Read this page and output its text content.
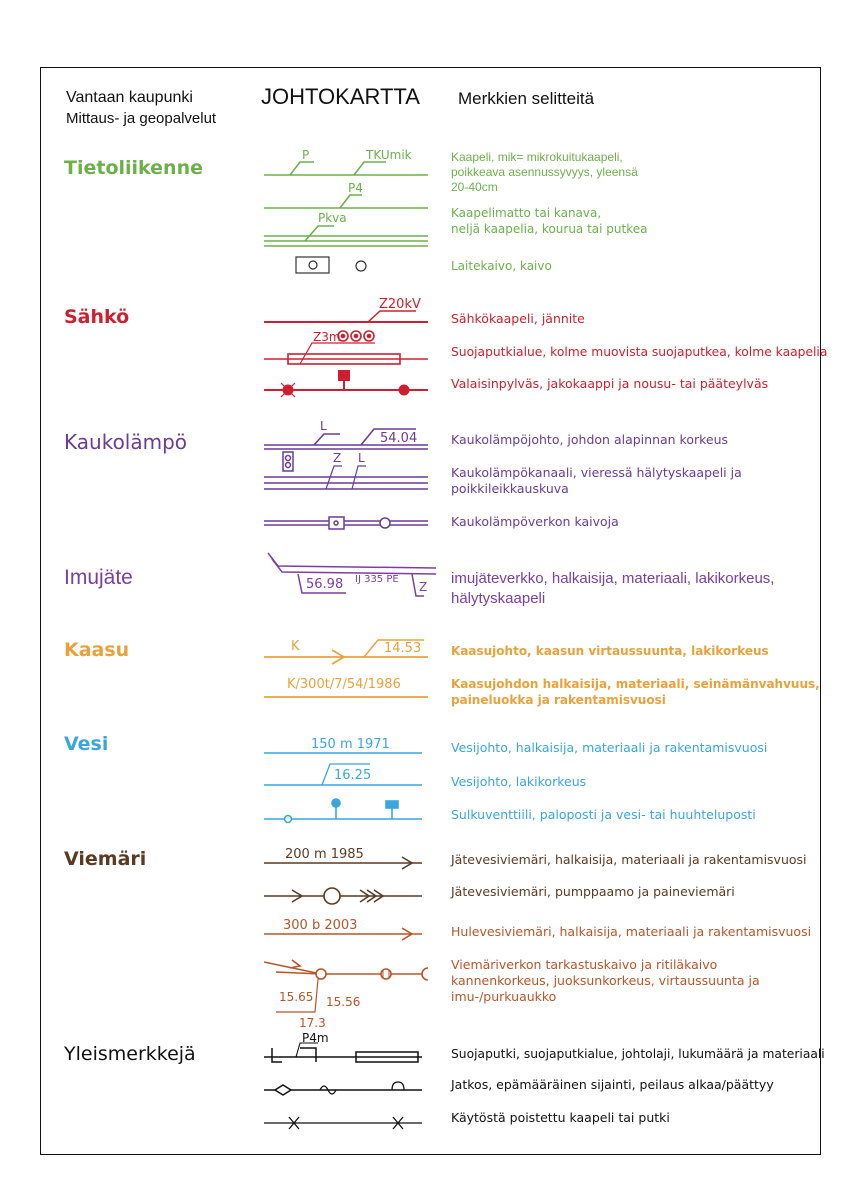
Vantaan kaupunki
Mittaus- ja geopalvelut
JOHTOKARTTA Merkkien selitteitä
Tietoliikenne
Sähkö
Kaukolämpö
Imujäte
Kaasu
Vesi
Viemäri
Yleismerkkejä
Kaapeli, mik= mikrokuitukaapeli,
poikkeava asennussyvyys, yleensä
20-40cm
Kaapelimatto tai kanava,
neljä kaapelia, kourua tai putkea
Laitekaivo, kaivo
Sähkökaapeli, jännite
Suojaputkialue, kolme muovista suojaputkea, kolme kaapelia
Valaisinpylväs, jakokaappi ja nousu- tai pääteylväs
Kaukolämpöjohto, johdon alapinnan korkeus
Kaukolämpökanaali, vieressä hälytyskaapeli ja
poikkileikkauskuva
Kaukolämpöverkon kaivoja
imujäteverkko, halkaisija, materiaali, lakikorkeus,
hälytyskaapeli
Kaasujohto, kaasun virtaussuunta, lakikorkeus
Kaasujohdon halkaisija, materiaali, seinämänvahvuus,
paineluokka ja rakentamisvuosi
Vesijohto, halkaisija, materiaali ja rakentamisvuosi
Vesijohto, lakikorkeus
Sulkuventtiili, paloposti ja vesi- tai huuhteluposti
Jätevesiviemäri, halkaisija, materiaali ja rakentamisvuosi
Jätevesiviemäri, pumppaamo ja paineviemäri
Hulevesiviemäri, halkaisija, materiaali ja rakentamisvuosi
Viemäriverkon tarkastuskaivo ja ritiläkaivo
kannenkorkeus, juoksunkorkeus, virtaussuunta ja
imu-/purkuaukko
Suojaputki, suojaputkialue, johtolaji, lukumäärä ja materiaali
Jatkos, epämääräinen sijainti, peilaus alkaa/päättyy
Käytöstä poistettu kaapeli tai putki
P	TKUmik
P4
Pkva
Z20kV
Z3m
L
54.04
Z L
56.98 IJ 335 PE
Z
K	14.53
K/300t/7/54/1986
150 m 1971
16.25
200 m 1985
300 b 2003
15.65 15.56
17.3
P4m
